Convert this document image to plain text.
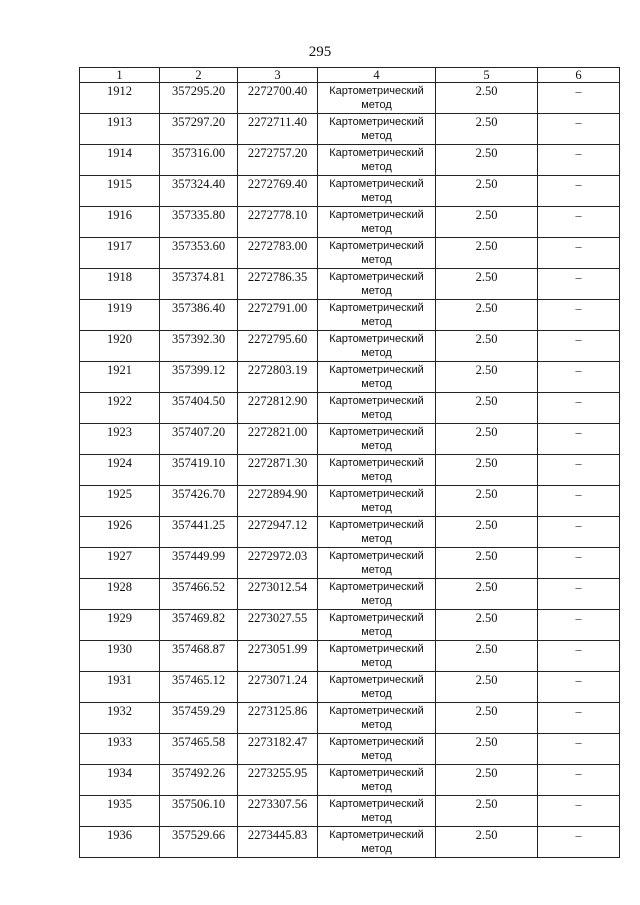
295
1	2	3	4	5	6
1912	357295.20	2272700.40	Картометрический метод	2.50	–
1913	357297.20	2272711.40	Картометрический метод	2.50	–
1914	357316.00	2272757.20	Картометрический метод	2.50	–
1915	357324.40	2272769.40	Картометрический метод	2.50	–
1916	357335.80	2272778.10	Картометрический метод	2.50	–
1917	357353.60	2272783.00	Картометрический метод	2.50	–
1918	357374.81	2272786.35	Картометрический метод	2.50	–
1919	357386.40	2272791.00	Картометрический метод	2.50	–
1920	357392.30	2272795.60	Картометрический метод	2.50	–
1921	357399.12	2272803.19	Картометрический метод	2.50	–
1922	357404.50	2272812.90	Картометрический метод	2.50	–
1923	357407.20	2272821.00	Картометрический метод	2.50	–
1924	357419.10	2272871.30	Картометрический метод	2.50	–
1925	357426.70	2272894.90	Картометрический метод	2.50	–
1926	357441.25	2272947.12	Картометрический метод	2.50	–
1927	357449.99	2272972.03	Картометрический метод	2.50	–
1928	357466.52	2273012.54	Картометрический метод	2.50	–
1929	357469.82	2273027.55	Картометрический метод	2.50	–
1930	357468.87	2273051.99	Картометрический метод	2.50	–
1931	357465.12	2273071.24	Картометрический метод	2.50	–
1932	357459.29	2273125.86	Картометрический метод	2.50	–
1933	357465.58	2273182.47	Картометрический метод	2.50	–
1934	357492.26	2273255.95	Картометрический метод	2.50	–
1935	357506.10	2273307.56	Картометрический метод	2.50	–
1936	357529.66	2273445.83	Картометрический метод	2.50	–
